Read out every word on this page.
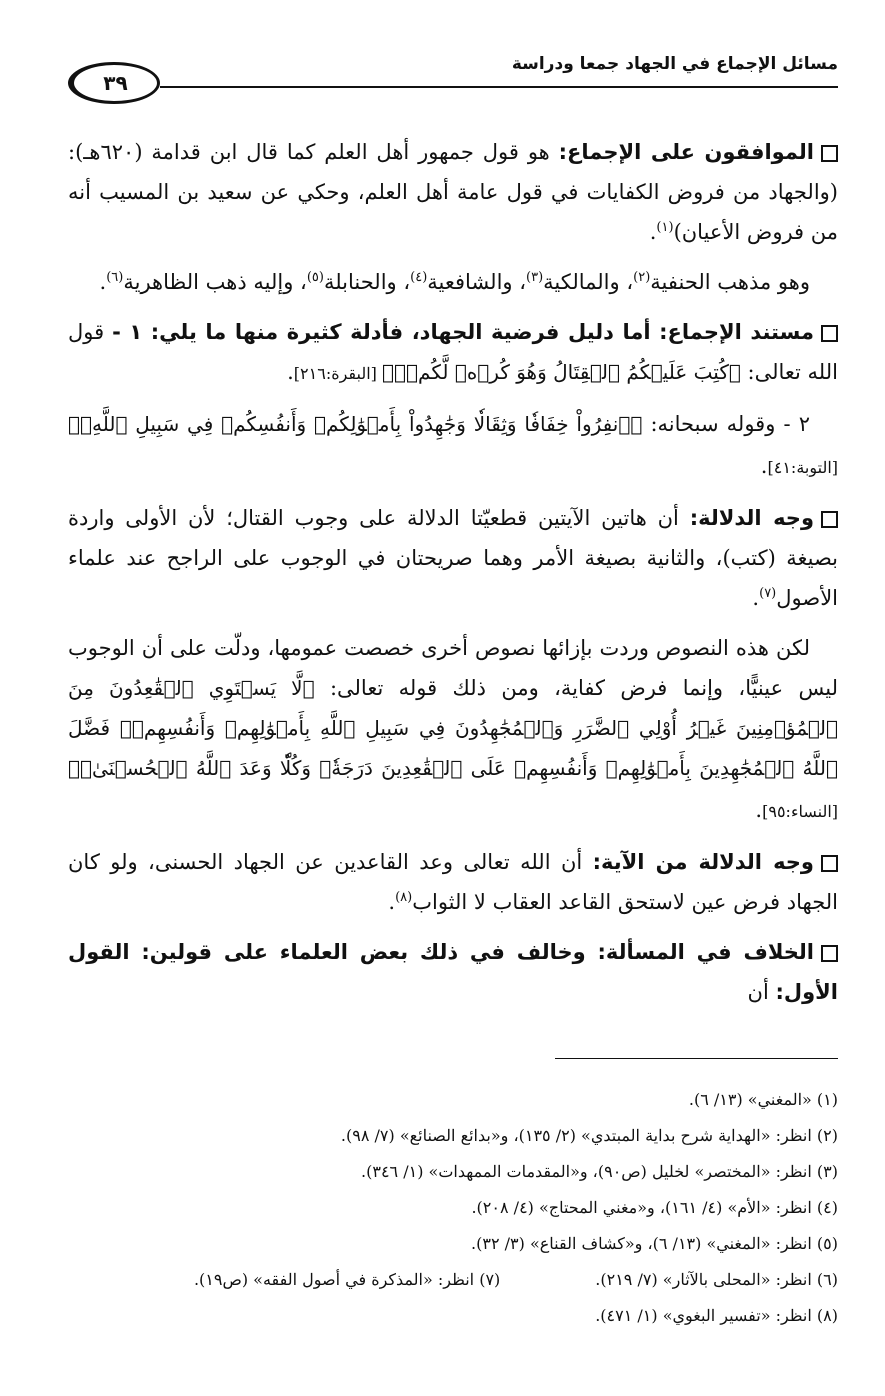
مسائل الإجماع في الجهاد جمعا ودراسة
٣٩

الموافقون على الإجماع: هو قول جمهور أهل العلم كما قال ابن قدامة (٦٢٠هـ): (والجهاد من فروض الكفايات في قول عامة أهل العلم، وحكي عن سعيد بن المسيب أنه من فروض الأعيان)$^{(١)}$.

وهو مذهب الحنفية$^{(٢)}$، والمالكية$^{(٣)}$، والشافعية$^{(٤)}$، والحنابلة$^{(٥)}$، وإليه ذهب الظاهرية$^{(٦)}$.

مستند الإجماع: أما دليل فرضية الجهاد، فأدلة كثيرة منها ما يلي: ١ - قول الله تعالى: ﴿كُتِبَ عَلَيۡكُمُ ٱلۡقِتَالُ وَهُوَ كُرۡهٞ لَّكُمۡۖ﴾ [البقرة:٢١٦].

٢ - وقوله سبحانه: ﴿ٱنفِرُواْ خِفَافٗا وَثِقَالٗا وَجَٰهِدُواْ بِأَمۡوَٰلِكُمۡ وَأَنفُسِكُمۡ فِي سَبِيلِ ٱللَّهِۚ﴾ [التوبة:٤١].

وجه الدلالة: أن هاتين الآيتين قطعيّتا الدلالة على وجوب القتال؛ لأن الأولى واردة بصيغة (كتب)، والثانية بصيغة الأمر وهما صريحتان في الوجوب على الراجح عند علماء الأصول$^{(٧)}$.

لكن هذه النصوص وردت بإزائها نصوص أخرى خصصت عمومها، ودلّت على أن الوجوب ليس عينيًّا، وإنما فرض كفاية، ومن ذلك قوله تعالى: ﴿لَّا يَسۡتَوِي ٱلۡقَٰعِدُونَ مِنَ ٱلۡمُؤۡمِنِينَ غَيۡرُ أُوْلِي ٱلضَّرَرِ وَٱلۡمُجَٰهِدُونَ فِي سَبِيلِ ٱللَّهِ بِأَمۡوَٰلِهِمۡ وَأَنفُسِهِمۡۚ فَضَّلَ ٱللَّهُ ٱلۡمُجَٰهِدِينَ بِأَمۡوَٰلِهِمۡ وَأَنفُسِهِمۡ عَلَى ٱلۡقَٰعِدِينَ دَرَجَةٗۚ وَكُلّٗا وَعَدَ ٱللَّهُ ٱلۡحُسۡنَىٰۚ﴾ [النساء:٩٥].

وجه الدلالة من الآية: أن الله تعالى وعد القاعدين عن الجهاد الحسنى، ولو كان الجهاد فرض عين لاستحق القاعد العقاب لا الثواب$^{(٨)}$.

الخلاف في المسألة: وخالف في ذلك بعض العلماء على قولين: القول الأول: أن

(١) «المغني» (١٣/ ٦).

(٢) انظر: «الهداية شرح بداية المبتدي» (٢/ ١٣٥)، و«بدائع الصنائع» (٧/ ٩٨).

(٣) انظر: «المختصر» لخليل (ص٩٠)، و«المقدمات الممهدات» (١/ ٣٤٦).

(٤) انظر: «الأم» (٤/ ١٦١)، و«مغني المحتاج» (٤/ ٢٠٨).

(٥) انظر: «المغني» (١٣/ ٦)، و«كشاف القناع» (٣/ ٣٢).

(٦) انظر: «المحلى بالآثار» (٧/ ٢١٩).

(٧) انظر: «المذكرة في أصول الفقه» (ص١٩).

(٨) انظر: «تفسير البغوي» (١/ ٤٧١).
